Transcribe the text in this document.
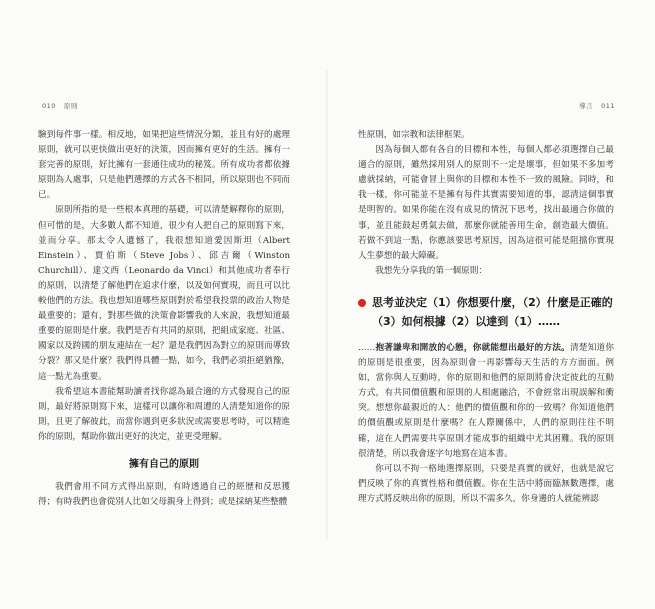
010 原則

驗到每件事一樣。相反地，如果把這些情況分類，並且有好的處理原則，就可以更快做出更好的決策，因而擁有更好的生活。擁有一套完善的原則，好比擁有一套通往成功的秘笈。所有成功者都依據原則為人處事，只是他們選擇的方式各不相同，所以原則也不同而已。

原則所指的是一些根本真理的基礎，可以清楚解釋你的原則，但可惜的是，大多數人都不知道，很少有人把自己的原則寫下來，並而分享。那太令人遺憾了，我很想知道愛因斯坦（Albert Einstein）、賈伯斯（Steve Jobs）、邱吉爾（Winston Churchill）、達文西（Leonardo da Vinci）和其他成功者奉行的原則，以清楚了解他們在追求什麼，以及如何實現，而且可以比較他們的方法。我也想知道哪些原則對於希望我投票的政治人物是最重要的；還有，對那些做的決策會影響我的人來說，我想知道最重要的原則是什麼。我們是否有共同的原則，把組成家庭、社區、國家以及跨國的朋友連結在一起？還是我們因為對立的原則而導致分裂？那又是什麼？我們得具體一點，如今，我們必須拒絕猶豫，這一點尤為重要。

我希望這本書能幫助讀者找你認為最合適的方式發現自己的原則，最好將原則寫下來，這樣可以讓你和周遭的人清楚知道你的原則，且更了解彼此，而當你遇到更多狀況或需要思考時，可以精進你的原則，幫助你做出更好的決定，並更受理解。

擁有自己的原則

我們會用不同方式得出原則，有時透過自己的經歷和反思獲得；有時我們也會從別人比如父母親身上得到；或是採納某些整體

導言 011

性原則，如宗教和法律框架。

因為每個人都有各自的目標和本性，每個人都必須選擇自己最適合的原則，雖然採用別人的原則不一定是壞事，但如果不多加考慮就採納，可能會冒上與你的目標和本性不一致的風險。同時，和我一樣，你可能並不是擁有每件其實需要知道的事，認清這個事實是明智的。如果你能在沒有成見的情況下思考，找出最適合你做的事，並且能鼓起勇氣去做，那麼你就能善用生命，創造最大價值。若做不到這一點，你應該要思考原因，因為這很可能是阻擋你實現人生夢想的最大障礙。

我想先分享我的第一個原則：

思考並決定（1）你想要什麼，（2）什麼是正確的（3）如何根據（2）以達到（1）……

……抱著謙卑和開放的心態，你就能想出最好的方法。清楚知道你的原則是很重要，因為原則會一再影響每天生活的方方面面。例如，當你與人互動時，你的原則和他們的原則將會決定彼此的互動方式，有共同價值觀和原則的人相處融洽，不會經常出現誤解和衝突。想想你最親近的人：他們的價值觀和你的一致嗎？你知道他們的價值觀或原則是什麼嗎？在人際關係中，人們的原則往往不明確，這在人們需要共享原則才能成事的組織中尤其困難。我的原則很清楚，所以我會逐字句地寫在這本書。

你可以不拘一格地選擇原則，只要是真實的就好，也就是說它們反映了你的真實性格和價值觀。你在生活中將面臨無數選擇，處理方式將反映出你的原則，所以不需多久，你身邊的人就能辨認
